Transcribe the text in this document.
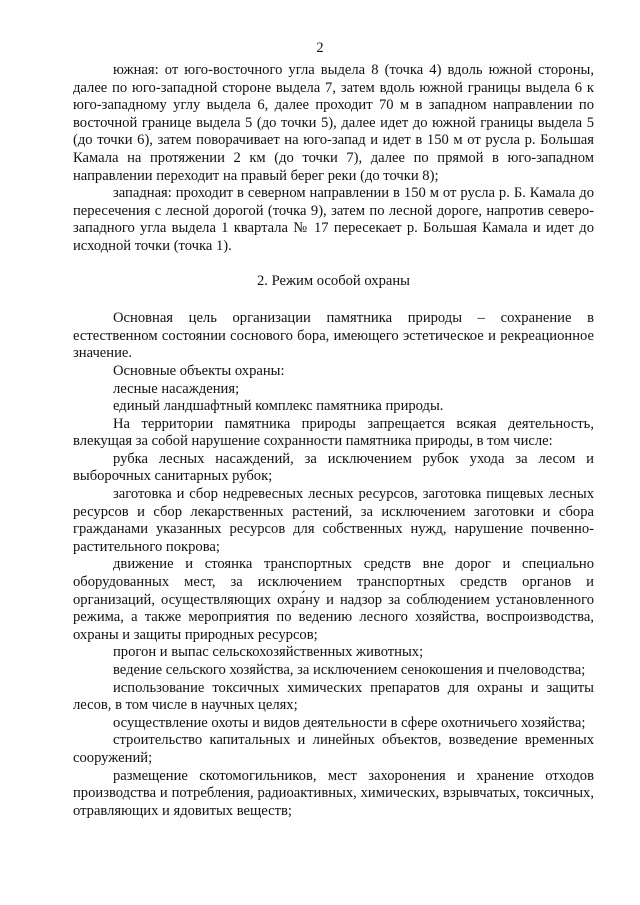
2

южная: от юго-восточного угла выдела 8 (точка 4) вдоль южной стороны, далее по юго-западной стороне выдела 7, затем вдоль южной границы выдела 6 к юго-западному углу выдела 6, далее проходит 70 м в западном направлении по восточной границе выдела 5 (до точки 5), далее идет до южной границы выдела 5 (до точки 6), затем поворачивает на юго-запад и идет в 150 м от русла р. Большая Камала на протяжении 2 км (до точки 7), далее по прямой в юго-западном направлении переходит на правый берег реки (до точки 8);

западная: проходит в северном направлении в 150 м от русла р. Б. Камала до пересечения с лесной дорогой (точка 9), затем по лесной дороге, напротив северо-западного угла выдела 1 квартала № 17 пересекает р. Большая Камала и идет до исходной точки (точка 1).

2. Режим особой охраны

Основная цель организации памятника природы – сохранение в естественном состоянии соснового бора, имеющего эстетическое и рекреационное значение.

Основные объекты охраны:

лесные насаждения;

единый ландшафтный комплекс памятника природы.

На территории памятника природы запрещается всякая деятельность, влекущая за собой нарушение сохранности памятника природы, в том числе:

рубка лесных насаждений, за исключением рубок ухода за лесом и выборочных санитарных рубок;

заготовка и сбор недревесных лесных ресурсов, заготовка пищевых лесных ресурсов и сбор лекарственных растений, за исключением заготовки и сбора гражданами указанных ресурсов для собственных нужд, нарушение почвенно-растительного покрова;

движение и стоянка транспортных средств вне дорог и специально оборудованных мест, за исключением транспортных средств органов и организаций, осуществляющих охра́ну и надзор за соблюдением установленного режима, а также мероприятия по ведению лесного хозяйства, воспроизводства, охраны и защиты природных ресурсов;

прогон и выпас сельскохозяйственных животных;

ведение сельского хозяйства, за исключением сенокошения и пчеловодства;

использование токсичных химических препаратов для охраны и защиты лесов, в том числе в научных целях;

осуществление охоты и видов деятельности в сфере охотничьего хозяйства;

строительство капитальных и линейных объектов, возведение временных сооружений;

размещение скотомогильников, мест захоронения и хранение отходов производства и потребления, радиоактивных, химических, взрывчатых, токсичных, отравляющих и ядовитых веществ;
